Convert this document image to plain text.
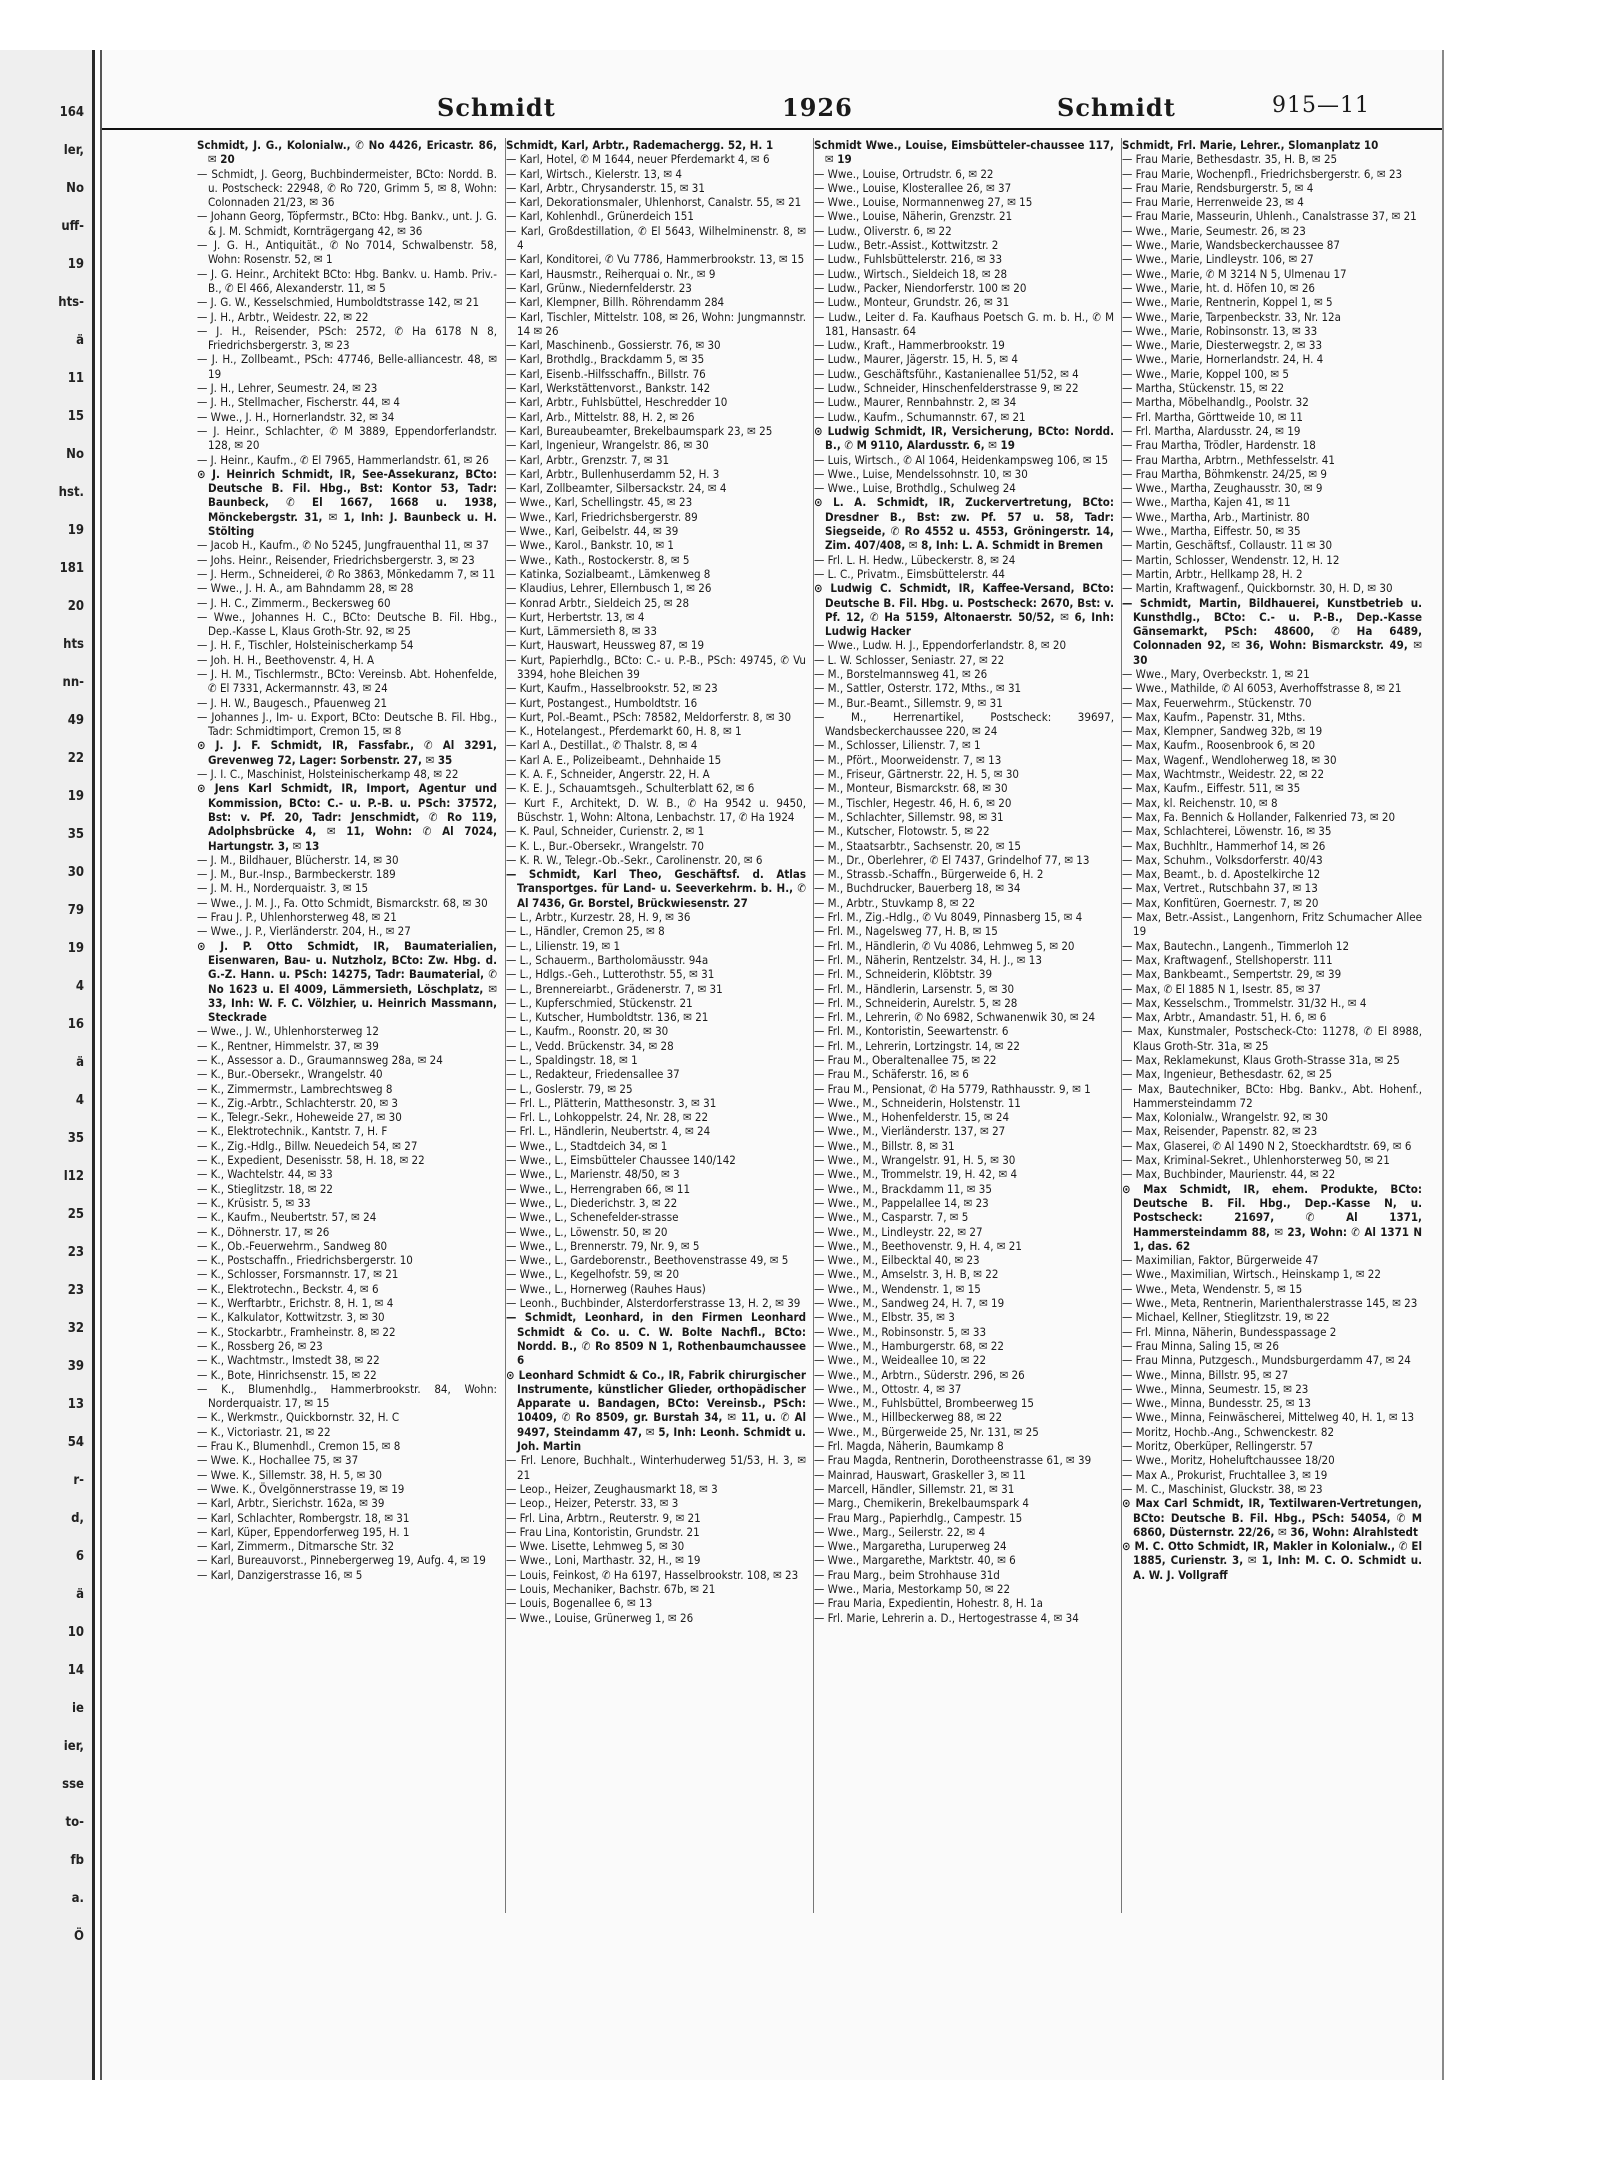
164
ler,
No
uff-
19
hts-
ä
11
15
No
hst.
19
181
20
hts
nn-
49
22
19
35
30
79
19
4
16
ä
4
35
l12
25
23
23
32
39
13
54
r-
d,
6
ä
10
14
ie
ier,
sse
to-
fb
a.
Ö
Schmidt	1926	Schmidt	915—11

Schmidt, J. G., Kolonialw., ✆ No 4426, Ericastr. 86, ✉ 20

— Schmidt, J. Georg, Buchbindermeister, BCto: Nordd. B. u. Postscheck: 22948, ✆ Ro 720, Grimm 5, ✉ 8, Wohn: Colonnaden 21/23, ✉ 36

— Johann Georg, Töpfermstr., BCto: Hbg. Bankv., unt. J. G. & J. M. Schmidt, Kornträgergang 42, ✉ 36

— J. G. H., Antiquität., ✆ No 7014, Schwalbenstr. 58, Wohn: Rosenstr. 52, ✉ 1

— J. G. Heinr., Architekt BCto: Hbg. Bankv. u. Hamb. Priv.-B., ✆ El 466, Alexanderstr. 11, ✉ 5

— J. G. W., Kesselschmied, Humboldtstrasse 142, ✉ 21

— J. H., Arbtr., Weidestr. 22, ✉ 22

— J. H., Reisender, PSch: 2572, ✆ Ha 6178 N 8, Friedrichsbergerstr. 3, ✉ 23

— J. H., Zollbeamt., PSch: 47746, Belle-alliancestr. 48, ✉ 19

— J. H., Lehrer, Seumestr. 24, ✉ 23

— J. H., Stellmacher, Fischerstr. 44, ✉ 4

— Wwe., J. H., Hornerlandstr. 32, ✉ 34

— J. Heinr., Schlachter, ✆ M 3889, Eppendorferlandstr. 128, ✉ 20

— J. Heinr., Kaufm., ✆ El 7965, Hammerlandstr. 61, ✉ 26

⊙ J. Heinrich Schmidt, IR, See-Assekuranz, BCto: Deutsche B. Fil. Hbg., Bst: Kontor 53, Tadr: Baunbeck, ✆ El 1667, 1668 u. 1938, Mönckebergstr. 31, ✉ 1, Inh: J. Baunbeck u. H. Stölting

— Jacob H., Kaufm., ✆ No 5245, Jungfrauenthal 11, ✉ 37

— Johs. Heinr., Reisender, Friedrichsbergerstr. 3, ✉ 23

— J. Herm., Schneiderei, ✆ Ro 3863, Mönkedamm 7, ✉ 11

— Wwe., J. H. A., am Bahndamm 28, ✉ 28

— J. H. C., Zimmerm., Beckersweg 60

— Wwe., Johannes H. C., BCto: Deutsche B. Fil. Hbg., Dep.-Kasse L, Klaus Groth-Str. 92, ✉ 25

— J. H. F., Tischler, Holsteinischerkamp 54

— Joh. H. H., Beethovenstr. 4, H. A

— J. H. M., Tischlermstr., BCto: Vereinsb. Abt. Hohenfelde, ✆ El 7331, Ackermannstr. 43, ✉ 24

— J. H. W., Baugesch., Pfauenweg 21

— Johannes J., Im- u. Export, BCto: Deutsche B. Fil. Hbg., Tadr: Schmidtimport, Cremon 15, ✉ 8

⊙ J. J. F. Schmidt, IR, Fassfabr., ✆ Al 3291, Grevenweg 72, Lager: Sorbenstr. 27, ✉ 35

— J. I. C., Maschinist, Holsteinischerkamp 48, ✉ 22

⊙ Jens Karl Schmidt, IR, Import, Agentur und Kommission, BCto: C.- u. P.-B. u. PSch: 37572, Bst: v. Pf. 20, Tadr: Jenschmidt, ✆ Ro 119, Adolphsbrücke 4, ✉ 11, Wohn: ✆ Al 7024, Hartungstr. 3, ✉ 13

— J. M., Bildhauer, Blücherstr. 14, ✉ 30

— J. M., Bur.-Insp., Barmbeckerstr. 189

— J. M. H., Norderquaistr. 3, ✉ 15

— Wwe., J. M. J., Fa. Otto Schmidt, Bismarckstr. 68, ✉ 30

— Frau J. P., Uhlenhorsterweg 48, ✉ 21

— Wwe., J. P., Vierländerstr. 204, H., ✉ 27

⊙ J. P. Otto Schmidt, IR, Baumaterialien, Eisenwaren, Bau- u. Nutzholz, BCto: Zw. Hbg. d. G.-Z. Hann. u. PSch: 14275, Tadr: Baumaterial, ✆ No 1623 u. El 4009, Lämmersieth, Löschplatz, ✉ 33, Inh: W. F. C. Völzhier, u. Heinrich Massmann, Steckrade

— Wwe., J. W., Uhlenhorsterweg 12

— K., Rentner, Himmelstr. 37, ✉ 39

— K., Assessor a. D., Graumannsweg 28a, ✉ 24

— K., Bur.-Obersekr., Wrangelstr. 40

— K., Zimmermstr., Lambrechtsweg 8

— K., Zig.-Arbtr., Schlachterstr. 20, ✉ 3

— K., Telegr.-Sekr., Hoheweide 27, ✉ 30

— K., Elektrotechnik., Kantstr. 7, H. F

— K., Zig.-Hdlg., Billw. Neuedeich 54, ✉ 27

— K., Expedient, Desenisstr. 58, H. 18, ✉ 22

— K., Wachtelstr. 44, ✉ 33

— K., Stieglitzstr. 18, ✉ 22

— K., Krüsistr. 5, ✉ 33

— K., Kaufm., Neubertstr. 57, ✉ 24

— K., Döhnerstr. 17, ✉ 26

— K., Ob.-Feuerwehrm., Sandweg 80

— K., Postschaffn., Friedrichsbergerstr. 10

— K., Schlosser, Forsmannstr. 17, ✉ 21

— K., Elektrotechn., Beckstr. 4, ✉ 6

— K., Werftarbtr., Erichstr. 8, H. 1, ✉ 4

— K., Kalkulator, Kottwitzstr. 3, ✉ 30

— K., Stockarbtr., Framheinstr. 8, ✉ 22

— K., Rossberg 26, ✉ 23

— K., Wachtmstr., Imstedt 38, ✉ 22

— K., Bote, Hinrichsenstr. 15, ✉ 22

— K., Blumenhdlg., Hammerbrookstr. 84, Wohn: Norderquaistr. 17, ✉ 15

— K., Werkmstr., Quickbornstr. 32, H. C

— K., Victoriastr. 21, ✉ 22

— Frau K., Blumenhdl., Cremon 15, ✉ 8

— Wwe. K., Hochallee 75, ✉ 37

— Wwe. K., Sillemstr. 38, H. 5, ✉ 30

— Wwe. K., Övelgönnerstrasse 19, ✉ 19

— Karl, Arbtr., Sierichstr. 162a, ✉ 39

— Karl, Schlachter, Rombergstr. 18, ✉ 31

— Karl, Küper, Eppendorferweg 195, H. 1

— Karl, Zimmerm., Ditmarsche Str. 32

— Karl, Bureauvorst., Pinnebergerweg 19, Aufg. 4, ✉ 19

— Karl, Danzigerstrasse 16, ✉ 5

Schmidt, Karl, Arbtr., Rademachergg. 52, H. 1

— Karl, Hotel, ✆ M 1644, neuer Pferdemarkt 4, ✉ 6

— Karl, Wirtsch., Kielerstr. 13, ✉ 4

— Karl, Arbtr., Chrysanderstr. 15, ✉ 31

— Karl, Dekorationsmaler, Uhlenhorst, Canalstr. 55, ✉ 21

— Karl, Kohlenhdl., Grünerdeich 151

— Karl, Großdestillation, ✆ El 5643, Wilhelminenstr. 8, ✉ 4

— Karl, Konditorei, ✆ Vu 7786, Hammerbrookstr. 13, ✉ 15

— Karl, Hausmstr., Reiherquai o. Nr., ✉ 9

— Karl, Grünw., Niedernfelderstr. 23

— Karl, Klempner, Billh. Röhrendamm 284

— Karl, Tischler, Mittelstr. 108, ✉ 26, Wohn: Jungmannstr. 14 ✉ 26

— Karl, Maschinenb., Gossierstr. 76, ✉ 30

— Karl, Brothdlg., Brackdamm 5, ✉ 35

— Karl, Eisenb.-Hilfsschaffn., Billstr. 76

— Karl, Werkstättenvorst., Bankstr. 142

— Karl, Arbtr., Fuhlsbüttel, Heschredder 10

— Karl, Arb., Mittelstr. 88, H. 2, ✉ 26

— Karl, Bureaubeamter, Brekelbaumspark 23, ✉ 25

— Karl, Ingenieur, Wrangelstr. 86, ✉ 30

— Karl, Arbtr., Grenzstr. 7, ✉ 31

— Karl, Arbtr., Bullenhuserdamm 52, H. 3

— Karl, Zollbeamter, Silbersackstr. 24, ✉ 4

— Wwe., Karl, Schellingstr. 45, ✉ 23

— Wwe., Karl, Friedrichsbergerstr. 89

— Wwe., Karl, Geibelstr. 44, ✉ 39

— Wwe., Karol., Bankstr. 10, ✉ 1

— Wwe., Kath., Rostockerstr. 8, ✉ 5

— Katinka, Sozialbeamt., Lämkenweg 8

— Klaudius, Lehrer, Ellernbusch 1, ✉ 26

— Konrad Arbtr., Sieldeich 25, ✉ 28

— Kurt, Herbertstr. 13, ✉ 4

— Kurt, Lämmersieth 8, ✉ 33

— Kurt, Hauswart, Heussweg 87, ✉ 19

— Kurt, Papierhdlg., BCto: C.- u. P.-B., PSch: 49745, ✆ Vu 3394, hohe Bleichen 39

— Kurt, Kaufm., Hasselbrookstr. 52, ✉ 23

— Kurt, Postangest., Humboldtstr. 16

— Kurt, Pol.-Beamt., PSch: 78582, Meldorferstr. 8, ✉ 30

— K., Hotelangest., Pferdemarkt 60, H. 8, ✉ 1

— Karl A., Destillat., ✆ Thalstr. 8, ✉ 4

— Karl A. E., Polizeibeamt., Dehnhaide 15

— K. A. F., Schneider, Angerstr. 22, H. A

— K. E. J., Schauamtsgeh., Schulterblatt 62, ✉ 6

— Kurt F., Architekt, D. W. B., ✆ Ha 9542 u. 9450, Büschstr. 1, Wohn: Altona, Lenbachstr. 17, ✆ Ha 1924

— K. Paul, Schneider, Curienstr. 2, ✉ 1

— K. L., Bur.-Obersekr., Wrangelstr. 70

— K. R. W., Telegr.-Ob.-Sekr., Carolinenstr. 20, ✉ 6

— Schmidt, Karl Theo, Geschäftsf. d. Atlas Transportges. für Land- u. Seeverkehrm. b. H., ✆ Al 7436, Gr. Borstel, Brückwiesenstr. 27

— L., Arbtr., Kurzestr. 28, H. 9, ✉ 36

— L., Händler, Cremon 25, ✉ 8

— L., Lilienstr. 19, ✉ 1

— L., Schauerm., Bartholomäusstr. 94a

— L., Hdlgs.-Geh., Lutterothstr. 55, ✉ 31

— L., Brennereiarbt., Grädenerstr. 7, ✉ 31

— L., Kupferschmied, Stückenstr. 21

— L., Kutscher, Humboldtstr. 136, ✉ 21

— L., Kaufm., Roonstr. 20, ✉ 30

— L., Vedd. Brückenstr. 34, ✉ 28

— L., Spaldingstr. 18, ✉ 1

— L., Redakteur, Friedensallee 37

— L., Goslerstr. 79, ✉ 25

— Frl. L., Plätterin, Matthesonstr. 3, ✉ 31

— Frl. L., Lohkoppelstr. 24, Nr. 28, ✉ 22

— Frl. L., Händlerin, Neubertstr. 4, ✉ 24

— Wwe., L., Stadtdeich 34, ✉ 1

— Wwe., L., Eimsbütteler Chaussee 140/142

— Wwe., L., Marienstr. 48/50, ✉ 3

— Wwe., L., Herrengraben 66, ✉ 11

— Wwe., L., Diederichstr. 3, ✉ 22

— Wwe., L., Schenefelder-strasse

— Wwe., L., Löwenstr. 50, ✉ 20

— Wwe., L., Brennerstr. 79, Nr. 9, ✉ 5

— Wwe., L., Gardeborenstr., Beethovenstrasse 49, ✉ 5

— Wwe., L., Kegelhofstr. 59, ✉ 20

— Wwe., L., Hornerweg (Rauhes Haus)

— Leonh., Buchbinder, Alsterdorferstrasse 13, H. 2, ✉ 39

— Schmidt, Leonhard, in den Firmen Leonhard Schmidt & Co. u. C. W. Bolte Nachfl., BCto: Nordd. B., ✆ Ro 8509 N 1, Rothenbaumchaussee 6

⊙ Leonhard Schmidt & Co., IR, Fabrik chirurgischer Instrumente, künstlicher Glieder, orthopädischer Apparate u. Bandagen, BCto: Vereinsb., PSch: 10409, ✆ Ro 8509, gr. Burstah 34, ✉ 11, u. ✆ Al 9497, Steindamm 47, ✉ 5, Inh: Leonh. Schmidt u. Joh. Martin

— Frl. Lenore, Buchhalt., Winterhuderweg 51/53, H. 3, ✉ 21

— Leop., Heizer, Zeughausmarkt 18, ✉ 3

— Leop., Heizer, Peterstr. 33, ✉ 3

— Frl. Lina, Arbtrn., Reuterstr. 9, ✉ 21

— Frau Lina, Kontoristin, Grundstr. 21

— Wwe. Lisette, Lehmweg 5, ✉ 30

— Wwe., Loni, Marthastr. 32, H., ✉ 19

— Louis, Feinkost, ✆ Ha 6197, Hasselbrookstr. 108, ✉ 23

— Louis, Mechaniker, Bachstr. 67b, ✉ 21

— Louis, Bogenallee 6, ✉ 13

— Wwe., Louise, Grünerweg 1, ✉ 26

Schmidt Wwe., Louise, Eimsbütteler-chaussee 117, ✉ 19

— Wwe., Louise, Ortrudstr. 6, ✉ 22

— Wwe., Louise, Klosterallee 26, ✉ 37

— Wwe., Louise, Normannenweg 27, ✉ 15

— Wwe., Louise, Näherin, Grenzstr. 21

— Ludw., Oliverstr. 6, ✉ 22

— Ludw., Betr.-Assist., Kottwitzstr. 2

— Ludw., Fuhlsbüttelerstr. 216, ✉ 33

— Ludw., Wirtsch., Sieldeich 18, ✉ 28

— Ludw., Packer, Niendorferstr. 100 ✉ 20

— Ludw., Monteur, Grundstr. 26, ✉ 31

— Ludw., Leiter d. Fa. Kaufhaus Poetsch G. m. b. H., ✆ M 181, Hansastr. 64

— Ludw., Kraft., Hammerbrookstr. 19

— Ludw., Maurer, Jägerstr. 15, H. 5, ✉ 4

— Ludw., Geschäftsführ., Kastanienallee 51/52, ✉ 4

— Ludw., Schneider, Hinschenfelderstrasse 9, ✉ 22

— Ludw., Maurer, Rennbahnstr. 2, ✉ 34

— Ludw., Kaufm., Schumannstr. 67, ✉ 21

⊙ Ludwig Schmidt, IR, Versicherung, BCto: Nordd. B., ✆ M 9110, Alardusstr. 6, ✉ 19

— Luis, Wirtsch., ✆ Al 1064, Heidenkampsweg 106, ✉ 15

— Wwe., Luise, Mendelssohnstr. 10, ✉ 30

— Wwe., Luise, Brothdlg., Schulweg 24

⊙ L. A. Schmidt, IR, Zuckervertretung, BCto: Dresdner B., Bst: zw. Pf. 57 u. 58, Tadr: Siegseide, ✆ Ro 4552 u. 4553, Gröningerstr. 14, Zim. 407/408, ✉ 8, Inh: L. A. Schmidt in Bremen

— Frl. L. H. Hedw., Lübeckerstr. 8, ✉ 24

— L. C., Privatm., Eimsbüttelerstr. 44

⊙ Ludwig C. Schmidt, IR, Kaffee-Versand, BCto: Deutsche B. Fil. Hbg. u. Postscheck: 2670, Bst: v. Pf. 12, ✆ Ha 5159, Altonaerstr. 50/52, ✉ 6, Inh: Ludwig Hacker

— Wwe., Ludw. H. J., Eppendorferlandstr. 8, ✉ 20

— L. W. Schlosser, Seniastr. 27, ✉ 22

— M., Borstelmannsweg 41, ✉ 26

— M., Sattler, Osterstr. 172, Mths., ✉ 31

— M., Bur.-Beamt., Sillemstr. 9, ✉ 31

— M., Herrenartikel, Postscheck: 39697, Wandsbeckerchaussee 220, ✉ 24

— M., Schlosser, Lilienstr. 7, ✉ 1

— M., Pfört., Moorweidenstr. 7, ✉ 13

— M., Friseur, Gärtnerstr. 22, H. 5, ✉ 30

— M., Monteur, Bismarckstr. 68, ✉ 30

— M., Tischler, Hegestr. 46, H. 6, ✉ 20

— M., Schlachter, Sillemstr. 98, ✉ 31

— M., Kutscher, Flotowstr. 5, ✉ 22

— M., Staatsarbtr., Sachsenstr. 20, ✉ 15

— M., Dr., Oberlehrer, ✆ El 7437, Grindelhof 77, ✉ 13

— M., Strassb.-Schaffn., Bürgerweide 6, H. 2

— M., Buchdrucker, Bauerberg 18, ✉ 34

— M., Arbtr., Stuvkamp 8, ✉ 22

— Frl. M., Zig.-Hdlg., ✆ Vu 8049, Pinnasberg 15, ✉ 4

— Frl. M., Nagelsweg 77, H. B, ✉ 15

— Frl. M., Händlerin, ✆ Vu 4086, Lehmweg 5, ✉ 20

— Frl. M., Näherin, Rentzelstr. 34, H. J., ✉ 13

— Frl. M., Schneiderin, Klöbtstr. 39

— Frl. M., Händlerin, Larsenstr. 5, ✉ 30

— Frl. M., Schneiderin, Aurelstr. 5, ✉ 28

— Frl. M., Lehrerin, ✆ No 6982, Schwanenwik 30, ✉ 24

— Frl. M., Kontoristin, Seewartenstr. 6

— Frl. M., Lehrerin, Lortzingstr. 14, ✉ 22

— Frau M., Oberaltenallee 75, ✉ 22

— Frau M., Schäferstr. 16, ✉ 6

— Frau M., Pensionat, ✆ Ha 5779, Rathhausstr. 9, ✉ 1

— Wwe., M., Schneiderin, Holstenstr. 11

— Wwe., M., Hohenfelderstr. 15, ✉ 24

— Wwe., M., Vierländerstr. 137, ✉ 27

— Wwe., M., Billstr. 8, ✉ 31

— Wwe., M., Wrangelstr. 91, H. 5, ✉ 30

— Wwe., M., Trommelstr. 19, H. 42, ✉ 4

— Wwe., M., Brackdamm 11, ✉ 35

— Wwe., M., Pappelallee 14, ✉ 23

— Wwe., M., Casparstr. 7, ✉ 5

— Wwe., M., Lindleystr. 22, ✉ 27

— Wwe., M., Beethovenstr. 9, H. 4, ✉ 21

— Wwe., M., Eilbecktal 40, ✉ 23

— Wwe., M., Amselstr. 3, H. B, ✉ 22

— Wwe., M., Wendenstr. 1, ✉ 15

— Wwe., M., Sandweg 24, H. 7, ✉ 19

— Wwe., M., Elbstr. 35, ✉ 3

— Wwe., M., Robinsonstr. 5, ✉ 33

— Wwe., M., Hamburgerstr. 68, ✉ 22

— Wwe., M., Weideallee 10, ✉ 22

— Wwe., M., Arbtrn., Süderstr. 296, ✉ 26

— Wwe., M., Ottostr. 4, ✉ 37

— Wwe., M., Fuhlsbüttel, Brombeerweg 15

— Wwe., M., Hillbeckerweg 88, ✉ 22

— Wwe., M., Bürgerweide 25, Nr. 131, ✉ 25

— Frl. Magda, Näherin, Baumkamp 8

— Frau Magda, Rentnerin, Dorotheenstrasse 61, ✉ 39

— Mainrad, Hauswart, Graskeller 3, ✉ 11

— Marcell, Händler, Sillemstr. 21, ✉ 31

— Marg., Chemikerin, Brekelbaumspark 4

— Frau Marg., Papierhdlg., Campestr. 15

— Wwe., Marg., Seilerstr. 22, ✉ 4

— Wwe., Margaretha, Luruperweg 24

— Wwe., Margarethe, Marktstr. 40, ✉ 6

— Frau Marg., beim Strohhause 31d

— Wwe., Maria, Mestorkamp 50, ✉ 22

— Frau Maria, Expedientin, Hohestr. 8, H. 1a

— Frl. Marie, Lehrerin a. D., Hertogestrasse 4, ✉ 34

Schmidt, Frl. Marie, Lehrer., Slomanplatz 10

— Frau Marie, Bethesdastr. 35, H. B, ✉ 25

— Frau Marie, Wochenpfl., Friedrichsbergerstr. 6, ✉ 23

— Frau Marie, Rendsburgerstr. 5, ✉ 4

— Frau Marie, Herrenweide 23, ✉ 4

— Frau Marie, Masseurin, Uhlenh., Canalstrasse 37, ✉ 21

— Wwe., Marie, Seumestr. 26, ✉ 23

— Wwe., Marie, Wandsbeckerchaussee 87

— Wwe., Marie, Lindleystr. 106, ✉ 27

— Wwe., Marie, ✆ M 3214 N 5, Ulmenau 17

— Wwe., Marie, ht. d. Höfen 10, ✉ 26

— Wwe., Marie, Rentnerin, Koppel 1, ✉ 5

— Wwe., Marie, Tarpenbeckstr. 33, Nr. 12a

— Wwe., Marie, Robinsonstr. 13, ✉ 33

— Wwe., Marie, Diesterwegstr. 2, ✉ 33

— Wwe., Marie, Hornerlandstr. 24, H. 4

— Wwe., Marie, Koppel 100, ✉ 5

— Martha, Stückenstr. 15, ✉ 22

— Martha, Möbelhandlg., Poolstr. 32

— Frl. Martha, Görttweide 10, ✉ 11

— Frl. Martha, Alardusstr. 24, ✉ 19

— Frau Martha, Trödler, Hardenstr. 18

— Frau Martha, Arbtrn., Methfesselstr. 41

— Frau Martha, Böhmkenstr. 24/25, ✉ 9

— Wwe., Martha, Zeughausstr. 30, ✉ 9

— Wwe., Martha, Kajen 41, ✉ 11

— Wwe., Martha, Arb., Martinistr. 80

— Wwe., Martha, Eiffestr. 50, ✉ 35

— Martin, Geschäftsf., Collaustr. 11 ✉ 30

— Martin, Schlosser, Wendenstr. 12, H. 12

— Martin, Arbtr., Hellkamp 28, H. 2

— Martin, Kraftwagenf., Quickbornstr. 30, H. D, ✉ 30

— Schmidt, Martin, Bildhauerei, Kunstbetrieb u. Kunsthdlg., BCto: C.- u. P.-B., Dep.-Kasse Gänsemarkt, PSch: 48600, ✆ Ha 6489, Colonnaden 92, ✉ 36, Wohn: Bismarckstr. 49, ✉ 30

— Wwe., Mary, Overbeckstr. 1, ✉ 21

— Wwe., Mathilde, ✆ Al 6053, Averhoffstrasse 8, ✉ 21

— Max, Feuerwehrm., Stückenstr. 70

— Max, Kaufm., Papenstr. 31, Mths.

— Max, Klempner, Sandweg 32b, ✉ 19

— Max, Kaufm., Roosenbrook 6, ✉ 20

— Max, Wagenf., Wendloherweg 18, ✉ 30

— Max, Wachtmstr., Weidestr. 22, ✉ 22

— Max, Kaufm., Eiffestr. 511, ✉ 35

— Max, kl. Reichenstr. 10, ✉ 8

— Max, Fa. Bennich & Hollander, Falkenried 73, ✉ 20

— Max, Schlachterei, Löwenstr. 16, ✉ 35

— Max, Buchhltr., Hammerhof 14, ✉ 26

— Max, Schuhm., Volksdorferstr. 40/43

— Max, Beamt., b. d. Apostelkirche 12

— Max, Vertret., Rutschbahn 37, ✉ 13

— Max, Konfitüren, Goernestr. 7, ✉ 20

— Max, Betr.-Assist., Langenhorn, Fritz Schumacher Allee 19

— Max, Bautechn., Langenh., Timmerloh 12

— Max, Kraftwagenf., Stellshoperstr. 111

— Max, Bankbeamt., Sempertstr. 29, ✉ 39

— Max, ✆ El 1885 N 1, Isestr. 85, ✉ 37

— Max, Kesselschm., Trommelstr. 31/32 H., ✉ 4

— Max, Arbtr., Amandastr. 51, H. 6, ✉ 6

— Max, Kunstmaler, Postscheck-Cto: 11278, ✆ El 8988, Klaus Groth-Str. 31a, ✉ 25

— Max, Reklamekunst, Klaus Groth-Strasse 31a, ✉ 25

— Max, Ingenieur, Bethesdastr. 62, ✉ 25

— Max, Bautechniker, BCto: Hbg. Bankv., Abt. Hohenf., Hammersteindamm 72

— Max, Kolonialw., Wrangelstr. 92, ✉ 30

— Max, Reisender, Papenstr. 82, ✉ 23

— Max, Glaserei, ✆ Al 1490 N 2, Stoeckhardtstr. 69, ✉ 6

— Max, Kriminal-Sekret., Uhlenhorsterweg 50, ✉ 21

— Max, Buchbinder, Maurienstr. 44, ✉ 22

⊙ Max Schmidt, IR, ehem. Produkte, BCto: Deutsche B. Fil. Hbg., Dep.-Kasse N, u. Postscheck: 21697, ✆ Al 1371, Hammersteindamm 88, ✉ 23, Wohn: ✆ Al 1371 N 1, das. 62

— Maximilian, Faktor, Bürgerweide 47

— Wwe., Maximilian, Wirtsch., Heinskamp 1, ✉ 22

— Wwe., Meta, Wendenstr. 5, ✉ 15

— Wwe., Meta, Rentnerin, Marienthalerstrasse 145, ✉ 23

— Michael, Kellner, Stieglitzstr. 19, ✉ 22

— Frl. Minna, Näherin, Bundesspassage 2

— Frau Minna, Saling 15, ✉ 26

— Frau Minna, Putzgesch., Mundsburgerdamm 47, ✉ 24

— Wwe., Minna, Billstr. 95, ✉ 27

— Wwe., Minna, Seumestr. 15, ✉ 23

— Wwe., Minna, Bundesstr. 25, ✉ 13

— Wwe., Minna, Feinwäscherei, Mittelweg 40, H. 1, ✉ 13

— Moritz, Hochb.-Ang., Schwenckestr. 82

— Moritz, Oberküper, Rellingerstr. 57

— Wwe., Moritz, Hoheluftchaussee 18/20

— Max A., Prokurist, Fruchtallee 3, ✉ 19

— M. C., Maschinist, Gluckstr. 38, ✉ 23

⊙ Max Carl Schmidt, IR, Textilwaren-Vertretungen, BCto: Deutsche B. Fil. Hbg., PSch: 54054, ✆ M 6860, Düsternstr. 22/26, ✉ 36, Wohn: Alrahlstedt

⊙ M. C. Otto Schmidt, IR, Makler in Kolonialw., ✆ El 1885, Curienstr. 3, ✉ 1, Inh: M. C. O. Schmidt u. A. W. J. Vollgraff
